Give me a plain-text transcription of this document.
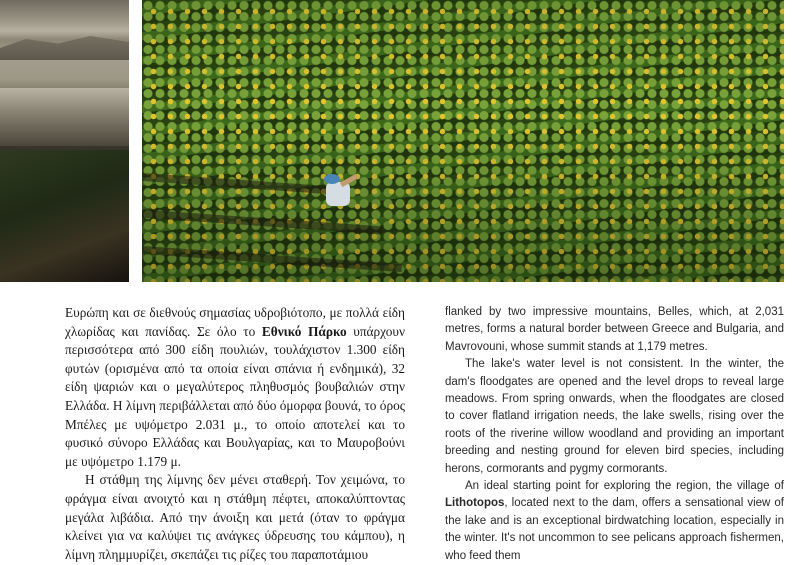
Ευρώπη και σε διεθνούς σημασίας υδροβιότοπο, με πολλά είδη χλωρίδας και πανίδας. Σε όλο το Εθνικό Πάρκο υπάρχουν περισσότερα από 300 είδη πουλιών, τουλάχιστον 1.300 είδη φυτών (ορισμένα από τα οποία είναι σπάνια ή ενδημικά), 32 είδη ψαριών και ο μεγαλύτερος πληθυσμός βουβαλιών στην Ελλάδα. Η λίμνη περιβάλλεται από δύο όμορφα βουνά, το όρος Μπέλες με υψόμετρο 2.031 μ., το οποίο αποτελεί και το φυσικό σύνορο Ελλάδας και Βουλγαρίας, και το Μαυροβούνι με υψόμετρο 1.179 μ.

Η στάθμη της λίμνης δεν μένει σταθερή. Τον χειμώνα, το φράγμα είναι ανοιχτό και η στάθμη πέφτει, αποκαλύπτοντας μεγάλα λιβάδια. Από την άνοιξη και μετά (όταν το φράγμα κλείνει για να καλύψει τις ανάγκες ύδρευσης του κάμπου), η λίμνη πλημμυρίζει, σκεπάζει τις ρίζες του παραποτάμιου

flanked by two impressive mountains, Belles, which, at 2,031 metres, forms a natural border between Greece and Bulgaria, and Mavrovouni, whose summit stands at 1,179 metres.

The lake's water level is not consistent. In the winter, the dam's floodgates are opened and the level drops to reveal large meadows. From spring onwards, when the floodgates are closed to cover flatland irrigation needs, the lake swells, rising over the roots of the riverine willow woodland and providing an important breeding and nesting ground for eleven bird species, including herons, cormorants and pygmy cormorants.

An ideal starting point for exploring the region, the village of Lithotopos, located next to the dam, offers a sensational view of the lake and is an exceptional birdwatching location, especially in the winter. It's not uncommon to see pelicans approach fishermen, who feed them
